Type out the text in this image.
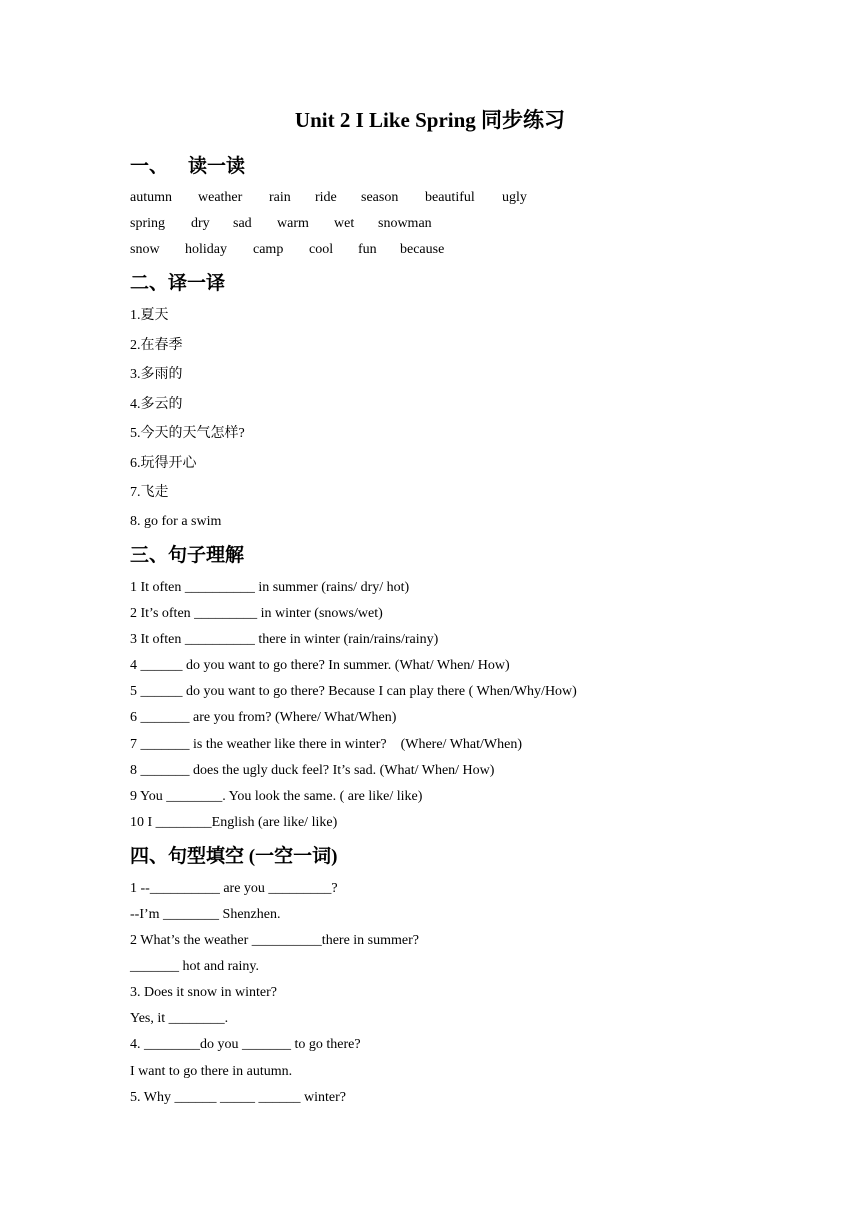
Unit 2 I Like Spring 同步练习
一、 读一读
autumn weather rain ride season beautiful ugly
spring dry sad warm wet snowman
snow holiday camp cool fun because
二、译一译
1.夏天
2.在春季
3.多雨的
4.多云的
5.今天的天气怎样?
6.玩得开心
7.飞走
8. go for a swim
三、句子理解
1 It often __________ in summer (rains/ dry/ hot)
2 It’s often _________ in winter (snows/wet)
3 It often __________ there in winter (rain/rains/rainy)
4 ______ do you want to go there? In summer. (What/ When/ How)
5 ______ do you want to go there? Because I can play there ( When/Why/How)
6 _______ are you from? (Where/ What/When)
7 _______ is the weather like there in winter?    (Where/ What/When)
8 _______ does the ugly duck feel? It’s sad. (What/ When/ How)
9 You ________. You look the same. ( are like/ like)
10 I ________English (are like/ like)
四、句型填空 (一空一词)
1 --__________ are you _________?
--I’m ________ Shenzhen.
2 What’s the weather __________there in summer?
_______ hot and rainy.
3. Does it snow in winter?
Yes, it ________.
4. ________do you _______ to go there?
I want to go there in autumn.
5. Why ______ _____ ______ winter?
